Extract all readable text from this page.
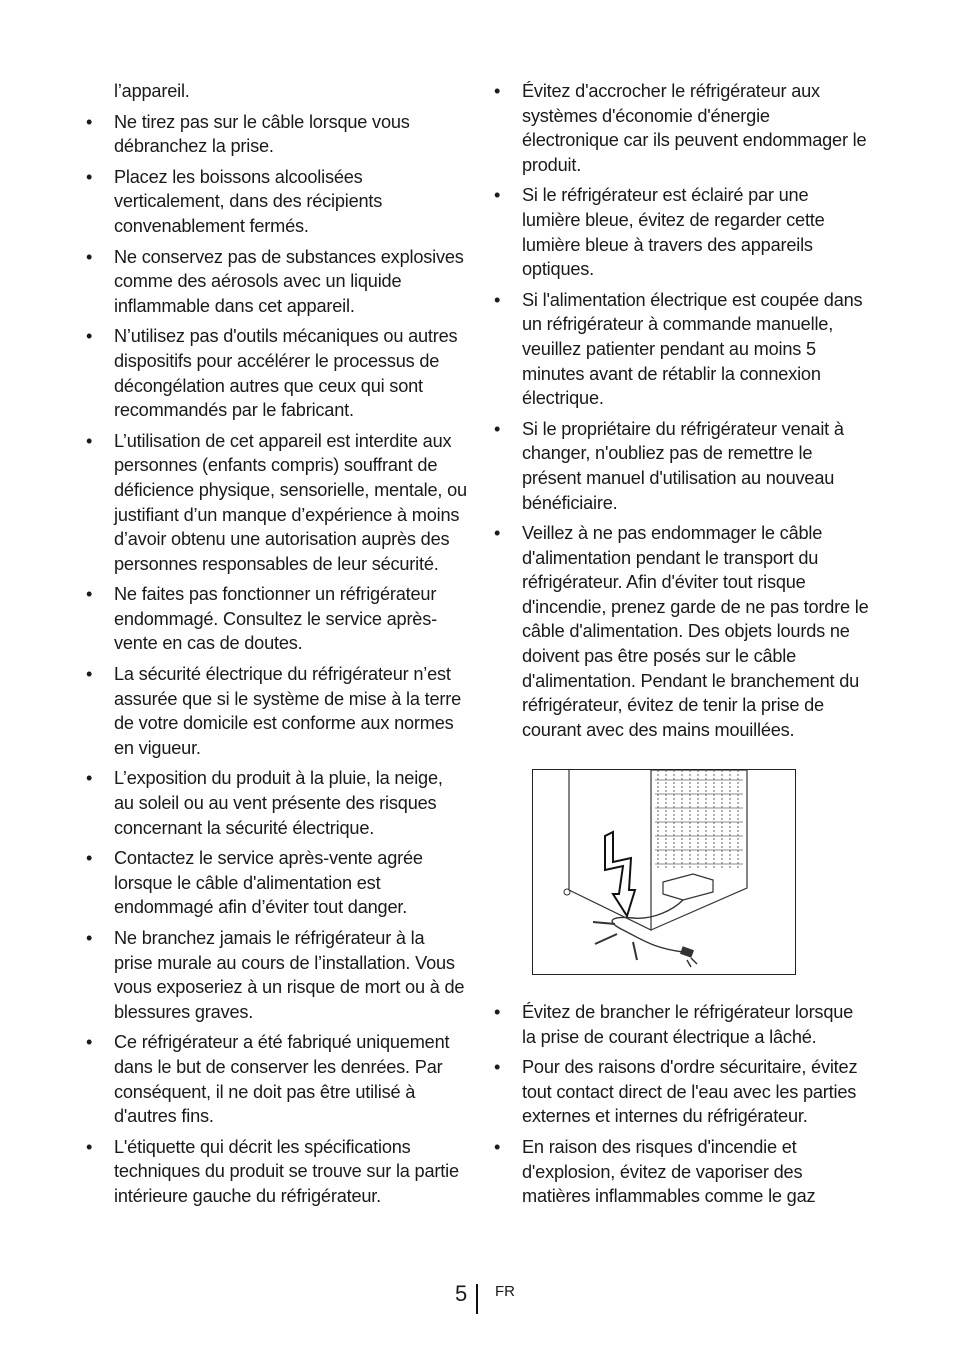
l’appareil.
•	Ne tirez pas sur le câble lorsque vous débranchez la prise.
•	Placez les boissons alcoolisées verticalement, dans des récipients convenablement fermés.
•	Ne conservez pas de substances explosives comme des aérosols avec un liquide inflammable dans cet appareil.
•	N’utilisez pas d'outils mécaniques ou autres dispositifs pour accélérer le processus de décongélation autres que ceux qui sont recommandés par le fabricant.
•	L’utilisation de cet appareil est interdite aux personnes (enfants compris) souffrant de déficience physique, sensorielle, mentale, ou justifiant d’un manque d’expérience à moins d’avoir obtenu une autorisation auprès des personnes responsables de leur sécurité.
•	Ne faites pas fonctionner un réfrigérateur endommagé. Consultez le service après-vente en cas de doutes.
•	La sécurité électrique du réfrigérateur n’est assurée que si le système de mise à la terre de votre domicile est conforme aux normes en vigueur.
•	L’exposition du produit à la pluie, la neige, au soleil ou au vent présente des risques concernant la sécurité électrique.
•	Contactez le service après-vente agrée lorsque le câble d'alimentation est endommagé afin d’éviter tout danger.
•	Ne branchez jamais le réfrigérateur à la prise murale au cours de l’installation. Vous vous exposeriez à un risque de mort ou à de blessures graves.
•	Ce réfrigérateur a été fabriqué uniquement dans le but de conserver les denrées. Par conséquent, il ne doit pas être utilisé à d'autres fins.
•	L'étiquette qui décrit les spécifications techniques du produit se trouve sur la partie intérieure gauche du réfrigérateur.
•	Évitez d'accrocher le réfrigérateur aux systèmes d'économie d'énergie électronique car ils peuvent endommager le produit.
•	Si le réfrigérateur est éclairé par une lumière bleue, évitez de regarder cette lumière bleue à travers des appareils optiques.
•	Si l'alimentation électrique est coupée dans un réfrigérateur à commande manuelle, veuillez patienter pendant au moins 5 minutes avant de rétablir la connexion électrique.
•	Si le propriétaire du réfrigérateur venait à changer, n'oubliez pas de remettre le présent manuel d'utilisation au nouveau bénéficiaire.
•	Veillez à ne pas endommager le câble d'alimentation pendant le transport du réfrigérateur. Afin d'éviter tout risque d'incendie, prenez garde de ne pas tordre le câble d'alimentation. Des objets lourds ne doivent pas être posés sur le câble d'alimentation. Pendant le branchement du réfrigérateur, évitez de tenir la prise de courant avec des mains mouillées.
•	Évitez de brancher le réfrigérateur lorsque la prise de courant électrique a lâché.
•	Pour des raisons d'ordre sécuritaire, évitez tout contact direct de l'eau avec les parties externes et internes du réfrigérateur.
•	En raison des risques d'incendie et d'explosion, évitez de vaporiser des matières inflammables comme le gaz
5 FR
